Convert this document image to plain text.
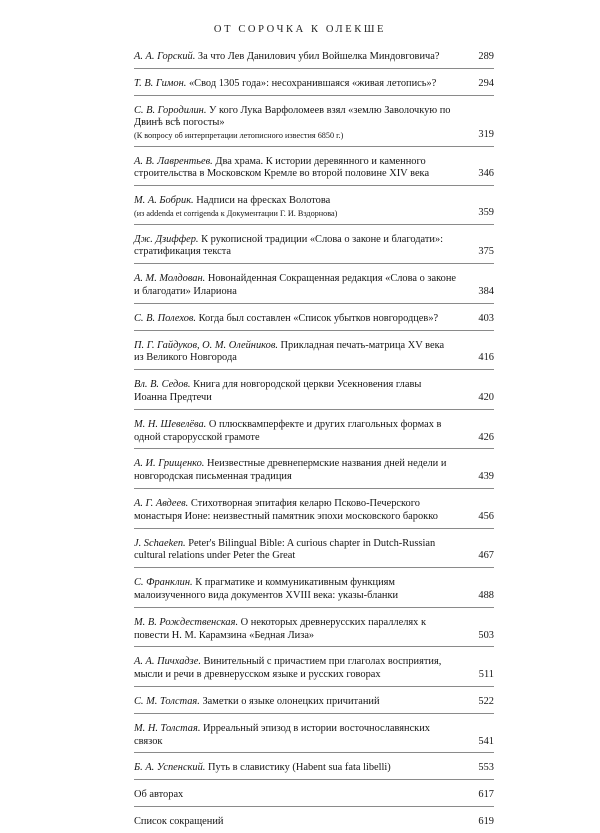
ОТ СОРОЧКА К ОЛЕКШЕ
А. А. Горский. За что Лев Данилович убил Войшелка Миндовговича?	289
Т. В. Гимон. «Свод 1305 года»: несохранившаяся «живая летопись»?	294
С. В. Городилин. У кого Лука Варфоломеев взял «землю Заволочкую по Двинѣ всѣ погосты»
(К вопросу об интерпретации летописного известия 6850 г.)	319
А. В. Лаврентьев. Два храма. К истории деревянного и каменного строительства в Московском Кремле во второй половине XIV века	346
М. А. Бобрик. Надписи на фресках Волотова
(из addenda et corrigenda к Документации Г. И. Вздорнова)	359
Дж. Дзиффер. К рукописной традиции «Слова о законе и благодати»: стратификация текста	375
А. М. Молдован. Новонайденная Сокращенная редакция «Слова о законе и благодати» Илариона	384
С. В. Полехов. Когда был составлен «Список убытков новгородцев»?	403
П. Г. Гайдуков, О. М. Олейников. Прикладная печать-матрица XV века из Великого Новгорода	416
Вл. В. Седов. Книга для новгородской церкви Усекновения главы Иоанна Предтечи	420
М. Н. Шевелёва. О плюсквамперфекте и других глагольных формах в одной старорусской грамоте	426
А. И. Грищенко. Неизвестные древнепермские названия дней недели и новгородская письменная традиция	439
А. Г. Авдеев. Стихотворная эпитафия келарю Псково-Печерского монастыря Ионе: неизвестный памятник эпохи московского барокко	456
J. Schaeken. Peter's Bilingual Bible: A curious chapter in Dutch-Russian cultural relations under Peter the Great	467
С. Франклин. К прагматике и коммуникативным функциям малоизученного вида документов XVIII века: указы-бланки	488
М. В. Рождественская. О некоторых древнерусских параллелях к повести Н. М. Карамзина «Бедная Лиза»	503
А. А. Пичхадзе. Винительный с причастием при глаголах восприятия, мысли и речи в древнерусском языке и русских говорах	511
С. М. Толстая. Заметки о языке олонецких причитаний	522
М. Н. Толстая. Ирреальный эпизод в истории восточнославянских связок	541
Б. А. Успенский. Путь в славистику (Habent sua fata libelli)	553
Об авторах	617
Список сокращений	619
